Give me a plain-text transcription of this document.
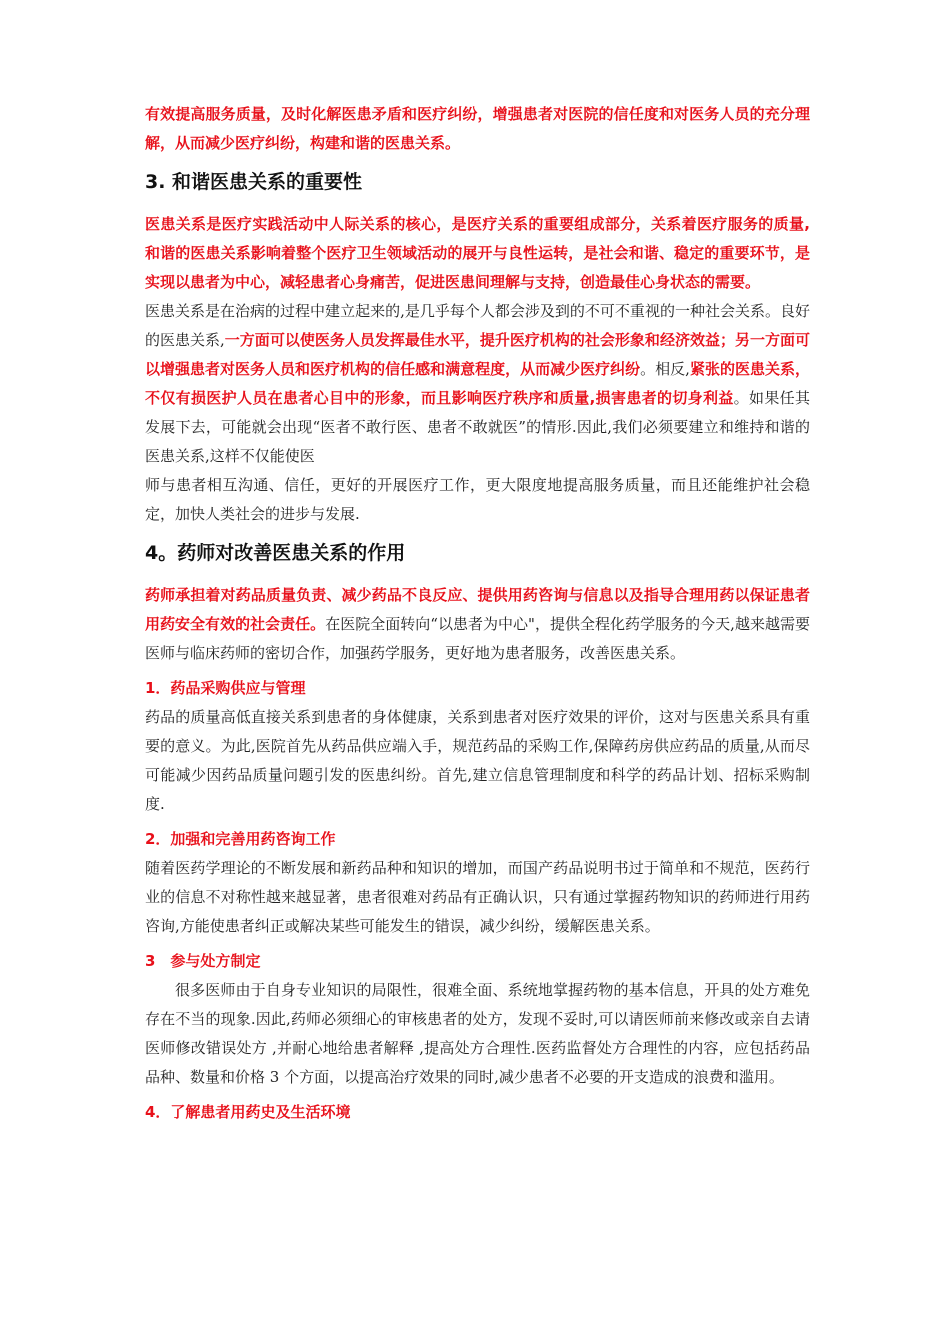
有效提高服务质量，及时化解医患矛盾和医疗纠纷，增强患者对医院的信任度和对医务人员的充分理解，从而减少医疗纠纷，构建和谐的医患关系。

3. 和谐医患关系的重要性

医患关系是医疗实践活动中人际关系的核心，是医疗关系的重要组成部分，关系着医疗服务的质量,和谐的医患关系影响着整个医疗卫生领域活动的展开与良性运转，是社会和谐、稳定的重要环节，是实现以患者为中心，减轻患者心身痛苦，促进医患间理解与支持，创造最佳心身状态的需要。

医患关系是在治病的过程中建立起来的,是几乎每个人都会涉及到的不可不重视的一种社会关系。良好的医患关系,一方面可以使医务人员发挥最佳水平，提升医疗机构的社会形象和经济效益；另一方面可以增强患者对医务人员和医疗机构的信任感和满意程度，从而减少医疗纠纷。相反,紧张的医患关系，不仅有损医护人员在患者心目中的形象，而且影响医疗秩序和质量,损害患者的切身利益。如果任其发展下去，可能就会出现“医者不敢行医、患者不敢就医”的情形.因此,我们必须要建立和维持和谐的医患关系,这样不仅能使医

师与患者相互沟通、信任，更好的开展医疗工作，更大限度地提高服务质量，而且还能维护社会稳定，加快人类社会的进步与发展.

4。药师对改善医患关系的作用

药师承担着对药品质量负责、减少药品不良反应、提供用药咨询与信息以及指导合理用药以保证患者用药安全有效的社会责任。在医院全面转向“以患者为中心"，提供全程化药学服务的今天,越来越需要医师与临床药师的密切合作，加强药学服务，更好地为患者服务，改善医患关系。

1．药品采购供应与管理

药品的质量高低直接关系到患者的身体健康，关系到患者对医疗效果的评价，这对与医患关系具有重要的意义。为此,医院首先从药品供应端入手，规范药品的采购工作,保障药房供应药品的质量,从而尽可能减少因药品质量问题引发的医患纠纷。首先,建立信息管理制度和科学的药品计划、招标采购制度.

2．加强和完善用药咨询工作

随着医药学理论的不断发展和新药品种和知识的增加，而国产药品说明书过于简单和不规范，医药行业的信息不对称性越来越显著，患者很难对药品有正确认识，只有通过掌握药物知识的药师进行用药咨询,方能使患者纠正或解决某些可能发生的错误，减少纠纷，缓解医患关系。

3　参与处方制定

很多医师由于自身专业知识的局限性，很难全面、系统地掌握药物的基本信息，开具的处方难免存在不当的现象.因此,药师必须细心的审核患者的处方，发现不妥时,可以请医师前来修改或亲自去请医师修改错误处方 ,并耐心地给患者解释 ,提高处方合理性.医药监督处方合理性的内容，应包括药品品种、数量和价格 3 个方面，以提高治疗效果的同时,减少患者不必要的开支造成的浪费和滥用。

4．了解患者用药史及生活环境
